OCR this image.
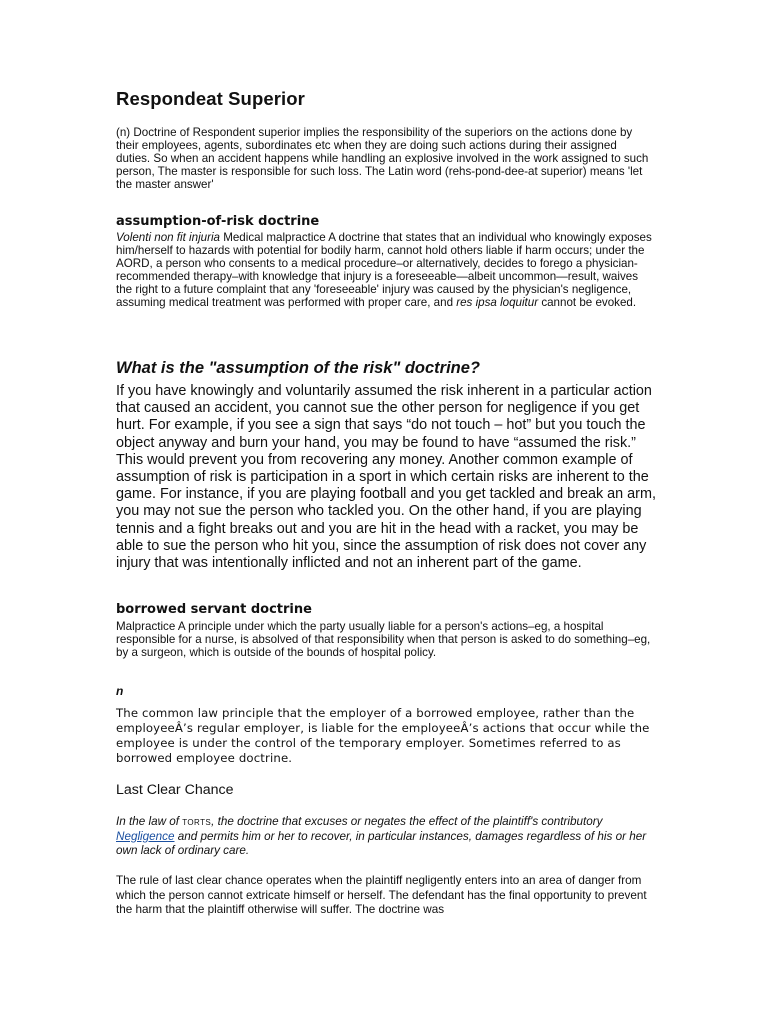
Respondeat Superior

(n) Doctrine of Respondent superior implies the responsibility of the superiors on the actions done by their employees, agents, subordinates etc when they are doing such actions during their assigned duties. So when an accident happens while handling an explosive involved in the work assigned to such person, The master is responsible for such loss. The Latin word (rehs-pond-dee-at superior) means 'let the master answer'

assumption-of-risk doctrine

Volenti non fit injuria Medical malpractice A doctrine that states that an individual who knowingly exposes him/herself to hazards with potential for bodily harm, cannot hold others liable if harm occurs; under the AORD, a person who consents to a medical procedure–or alternatively, decides to forego a physician-recommended therapy–with knowledge that injury is a foreseeable—albeit uncommon—result, waives the right to a future complaint that any 'foreseeable' injury was caused by the physician's negligence, assuming medical treatment was performed with proper care, and res ipsa loquitur cannot be evoked.

What is the "assumption of the risk" doctrine?

If you have knowingly and voluntarily assumed the risk inherent in a particular action that caused an accident, you cannot sue the other person for negligence if you get hurt. For example, if you see a sign that says “do not touch – hot” but you touch the object anyway and burn your hand, you may be found to have “assumed the risk.” This would prevent you from recovering any money. Another common example of assumption of risk is participation in a sport in which certain risks are inherent to the game. For instance, if you are playing football and you get tackled and break an arm, you may not sue the person who tackled you. On the other hand, if you are playing tennis and a fight breaks out and you are hit in the head with a racket, you may be able to sue the person who hit you, since the assumption of risk does not cover any injury that was intentionally inflicted and not an inherent part of the game.

borrowed servant doctrine

Malpractice A principle under which the party usually liable for a person's actions–eg, a hospital responsible for a nurse, is absolved of that responsibility when that person is asked to do something–eg, by a surgeon, which is outside of the bounds of hospital policy.

n

The common law principle that the employer of a borrowed employee, rather than the employeeÂ’s regular employer, is liable for the employeeÂ’s actions that occur while the employee is under the control of the temporary employer. Sometimes referred to as borrowed employee doctrine.

Last Clear Chance

In the law of torts, the doctrine that excuses or negates the effect of the plaintiff's contributory Negligence and permits him or her to recover, in particular instances, damages regardless of his or her own lack of ordinary care.

The rule of last clear chance operates when the plaintiff negligently enters into an area of danger from which the person cannot extricate himself or herself. The defendant has the final opportunity to prevent the harm that the plaintiff otherwise will suffer. The doctrine was
